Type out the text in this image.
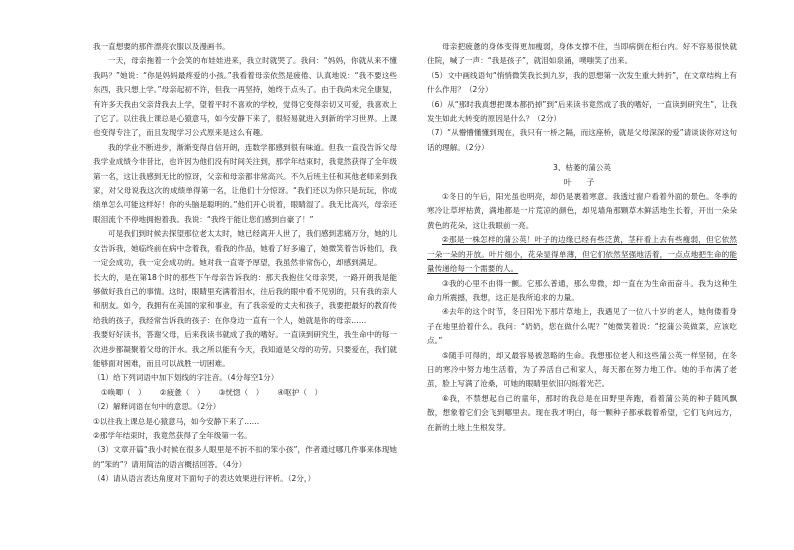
我一直想要的那件漂亮衣服以及漫画书。

一天，母亲拖着一个会笑的布娃娃进来，我立时就哭了。我问：“妈妈，你就从来不懂我吗？”她说：“你是妈妈最疼爱的小孩。”我看着母亲依然是疲倦、认真地说：“我不要这些东西，我只想上学。”母亲起初不许，但我一再坚持，她终于点头了。由于我尚未完全康复，有许多天我由父亲背我去上学，望着平时不喜欢的学校，觉得它变得亲切又可爱，我喜欢上了它了。以往我上课总是心猿意马，如今安静下来了，很轻易就进入到新的学习世界。上课也变得专注了，而且发现学习公式原来是这么有趣。

我的学业不断进步，渐渐变得自信开朗，连数学都感到很有味道。但我一直没告诉父母我学业成绩今非昔比，也许因为他们没有时间关注到，那学年结束时，我竟然获得了全年级第一名，这让我感到无比的惊讶，父亲和母亲都非常高兴。不久后班主任和其他老师来到我家，对父母说我这次的成绩单得第一名，让他们十分惊讶。“我们还以为你只是玩玩，你成绩单怎么可能这样好！你的头脑是聪明的。”他们开心说着，眼睛湿了。我无比高兴，母亲还眼泪流个不停地拥抱着我。我说：“我终于能让您们感到自豪了！”

可是我们到时候去探望那位老太太时，她已经离开人世了，我们感到悲痛万分，她的儿女告诉我，她临终前在病中念着我，看我的作品，她看了好多遍了，她微笑着告诉他们，我一定会成功，我一定会成功的。她对我一直寄予厚望，我虽然非常伤心，却感到满足。

长大的，是在第18个时的那些下午母亲告诉我的：那天我抱住父母亲哭，一路开朗我是能够做好我自己的事情。这时，眼睛里充满着泪水，往后我的眼中看不见别的，只有我的亲人和朋友。如今，我拥有在美国的家和事业，有了我亲爱的丈夫和孩子，我要把最好的教育传给我的孩子，我经常告诉我的孩子：在你身边一直有一个人，她就是你的母亲……

我要好好读书，答谢父母，后来我读书就成了我的嗜好。一直读到研究生，我生命中的每一次进步都凝聚着父母的汗水。我之所以能有今天，我知道是父母的功劳。只要爱在，我们就能够面对困难，而且可以战胜一切困难。

（1）给下列词语中加下划线的字注音。（4分每空1分）

①唤唧（　） ②疲惫（　） ③恍惚（　） ④呕护（　）

（2）解释词语在句中的意思。（2分）

①以往我上课总是心猿意马，如今安静下来了……

②那学年结束时，我竟然获得了全年级第一名。

（3）文章开篇“我小时候在很多人眼里是不折不扣的笨小孩”，作者通过哪几件事来体现她的“笨的”？请用简洁的语言概括回答。（4分）

（4）请从语言表达角度对下面句子的表达效果进行评析。（2分，）

母亲把疲惫的身体变得更加瘦弱，身体支撑不住，当即病倒在柜台内。好不容易很快就住院，喊了一声：“我是孩子”，就泪如泉涌，噗嗤笑了出来。

（5）文中画线语句“悄悄微笑我长到九岁，我的思想第一次发生重大转折”，在文章结构上有什么作用？（2分）

（6）从“那时我真想把课本都扔掉”到“后来读书竟然成了我的嗜好，一直读到研究生”，让我发生如此大转变的原因是什么？（2分）

（7）“从懵懵懂懂到现在，我只有一桥之隔，而这座桥，就是父母深深的爱”请谈谈你对这句话的理解。（2分）

3、枯萎的蒲公英

叶 子

①冬日的午后，阳光虽也明亮，却仍是裹着寒意。我透过窗户看着外面的景色。冬季的寒冷让草坪枯黄，满地都是一片荒凉的颜色，却见墙角那颗草木鲜活地生长着，开出一朵朵黄色的花朵，这让我眼前一亮。

②那是一株怎样的蒲公英！叶子的边缘已经有些泛黄，茎秆看上去有些瘦弱，但它依然一朵一朵的开放。叶片细小，花朵显得单薄，但它们依然坚强地活着，一点点地把生命的能量传递给每一个需要的人。

③我的心里不由得一颤。它那么普通，那么卑微，却一直在为生命而奋斗。我为这种生命力所震撼，我想，这正是我所追求的力量。

④去年的这个时节，冬日阳光下那片草地上，我遇见了一位八十岁的老人，她佝偻着身子在地里拾着什么。我问：“奶奶，您在做什么呢？”她微笑着说：“挖蒲公英做菜，应该吃点。”

⑤随手可得的，却又最容易被忽略的生命。我想那位老人和这些蒲公英一样坚韧，在冬日的寒冷中努力地生活着，为了养活自己和家人，每天都在努力地工作。她的手布满了老茧，脸上写满了沧桑，可她的眼睛里依旧闪烁着光芒。

⑥我，不禁想起自己的童年，那时的我总是在田野里奔跑，看着蒲公英的种子随风飘散，想象着它们会飞到哪里去。现在我才明白，每一颗种子都承载着希望，它们飞向远方，在新的土地上生根发芽。
